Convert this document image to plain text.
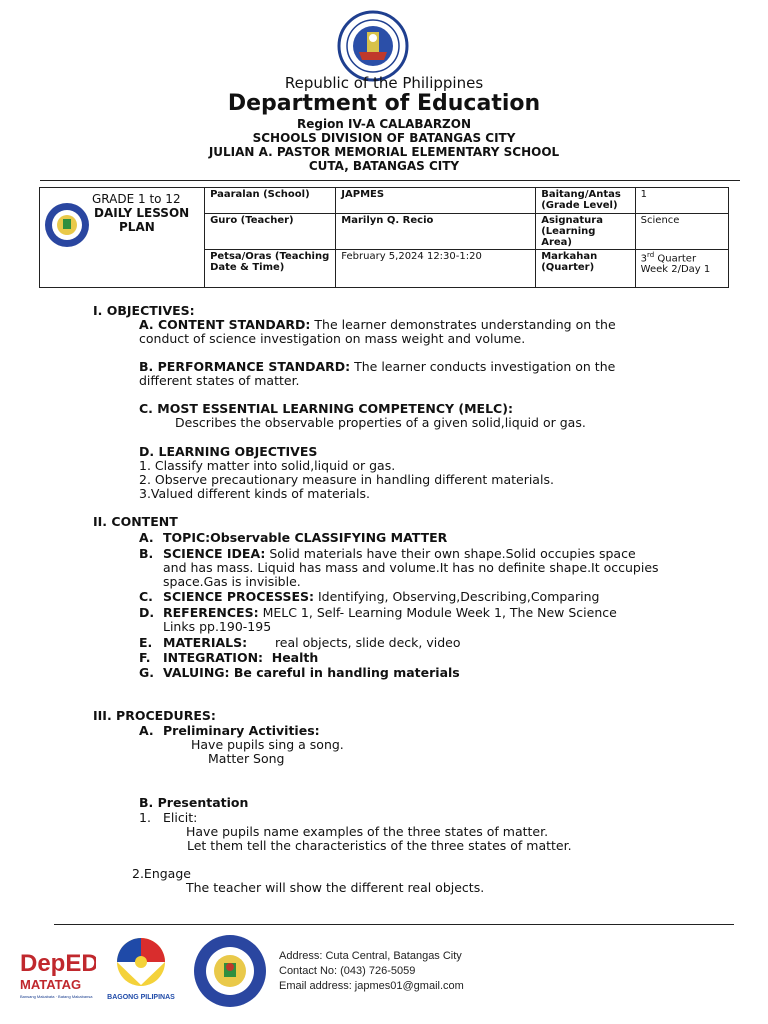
Republic of the Philippines
Department of Education
Region IV-A CALABARZON
SCHOOLS DIVISION OF BATANGAS CITY
JULIAN A. PASTOR MEMORIAL ELEMENTARY SCHOOL
CUTA, BATANGAS CITY
GRADE 1 to 12
DAILY LESSON
PLAN	Paaralan (School)	JAPMES	Baitang/Antas (Grade Level)	1
	Guro (Teacher)	Marilyn Q. Recio	Asignatura (Learning Area)	Science
	Petsa/Oras (Teaching Date & Time)	February 5,2024 12:30-1:20	Markahan (Quarter)	3rd Quarter
Week 2/Day 1
I. OBJECTIVES:
A. CONTENT STANDARD: The learner demonstrates understanding on the
conduct of science investigation on mass weight and volume.
B. PERFORMANCE STANDARD: The learner conducts investigation on the
different states of matter.
C. MOST ESSENTIAL LEARNING COMPETENCY (MELC):
Describes the observable properties of a given solid,liquid or gas.
D. LEARNING OBJECTIVES
1. Classify matter into solid,liquid or gas.
2. Observe precautionary measure in handling different materials.
3.Valued different kinds of materials.
II. CONTENT
A. TOPIC:Observable CLASSIFYING MATTER
B. SCIENCE IDEA: Solid materials have their own shape.Solid occupies space
and has mass. Liquid has mass and volume.It has no definite shape.It occupies
space.Gas is invisible.
C. SCIENCE PROCESSES: Identifying, Observing,Describing,Comparing
D. REFERENCES: MELC 1, Self- Learning Module Week 1, The New Science
Links pp.190-195
E. MATERIALS:       real objects, slide deck, video
F. INTEGRATION:  Health
G. VALUING: Be careful in handling materials
III. PROCEDURES:
A. Preliminary Activities:
Have pupils sing a song.
Matter Song
B. Presentation
1. Elicit:
Have pupils name examples of the three states of matter.
Let them tell the characteristics of the three states of matter.
2.Engage
The teacher will show the different real objects.
DepED
MATATAG
Bansang Makabata · Batang Makabansa BAGONG PILIPINAS
Address: Cuta Central, Batangas City
Contact No: (043) 726-5059
Email address: japmes01@gmail.com
